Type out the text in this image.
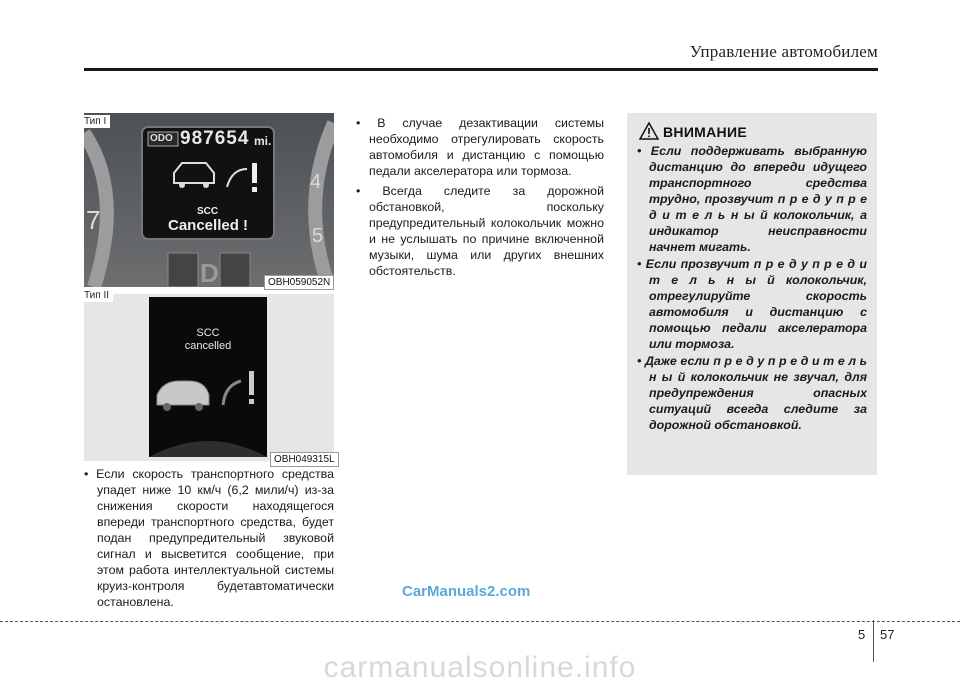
Управление автомобилем
Тип I
ODO 987654 mi.
SCC
Cancelled !
7
4
5
D	OBH059052N
Тип II
SCC
cancelled
OBH049315L

• Если скорость транспортного средства упадет ниже 10 км/ч (6,2 мили/ч) из-за снижения скорости находящегося впереди транспортного средства, будет подан предупредительный звуковой сигнал и высветится сообщение, при этом работа интеллектуальной системы круиз-контроля будетавтоматически остановлена.

• В случае дезактивации системы необходимо отрегулировать скорость автомобиля и дистанцию с помощью педали акселератора или тормоза.

• Всегда следите за дорожной обстановкой, поскольку предупредительный колокольчик можно и не услышать по причине включенной музыки, шума или других внешних обстоятельств.

ВНИМАНИЕ

• Если поддерживать выбранную дистанцию до впереди идущего транспортного средства трудно, прозвучит п р е д у п р е д и т е л ь н ы й колокольчик, а индикатор неисправности начнет мигать.

• Если прозвучит п р е д у п р е д и т е л ь н ы й колокольчик, отрегулируйте скорость автомобиля и дистанцию с помощью педали акселератора или тормоза.

• Даже если п р е д у п р е д и т е л ь н ы й колокольчик не звучал, для предупреждения опасных ситуаций всегда следите за дорожной обстановкой.

CarManuals2.com
5 57
carmanualsonline.info
